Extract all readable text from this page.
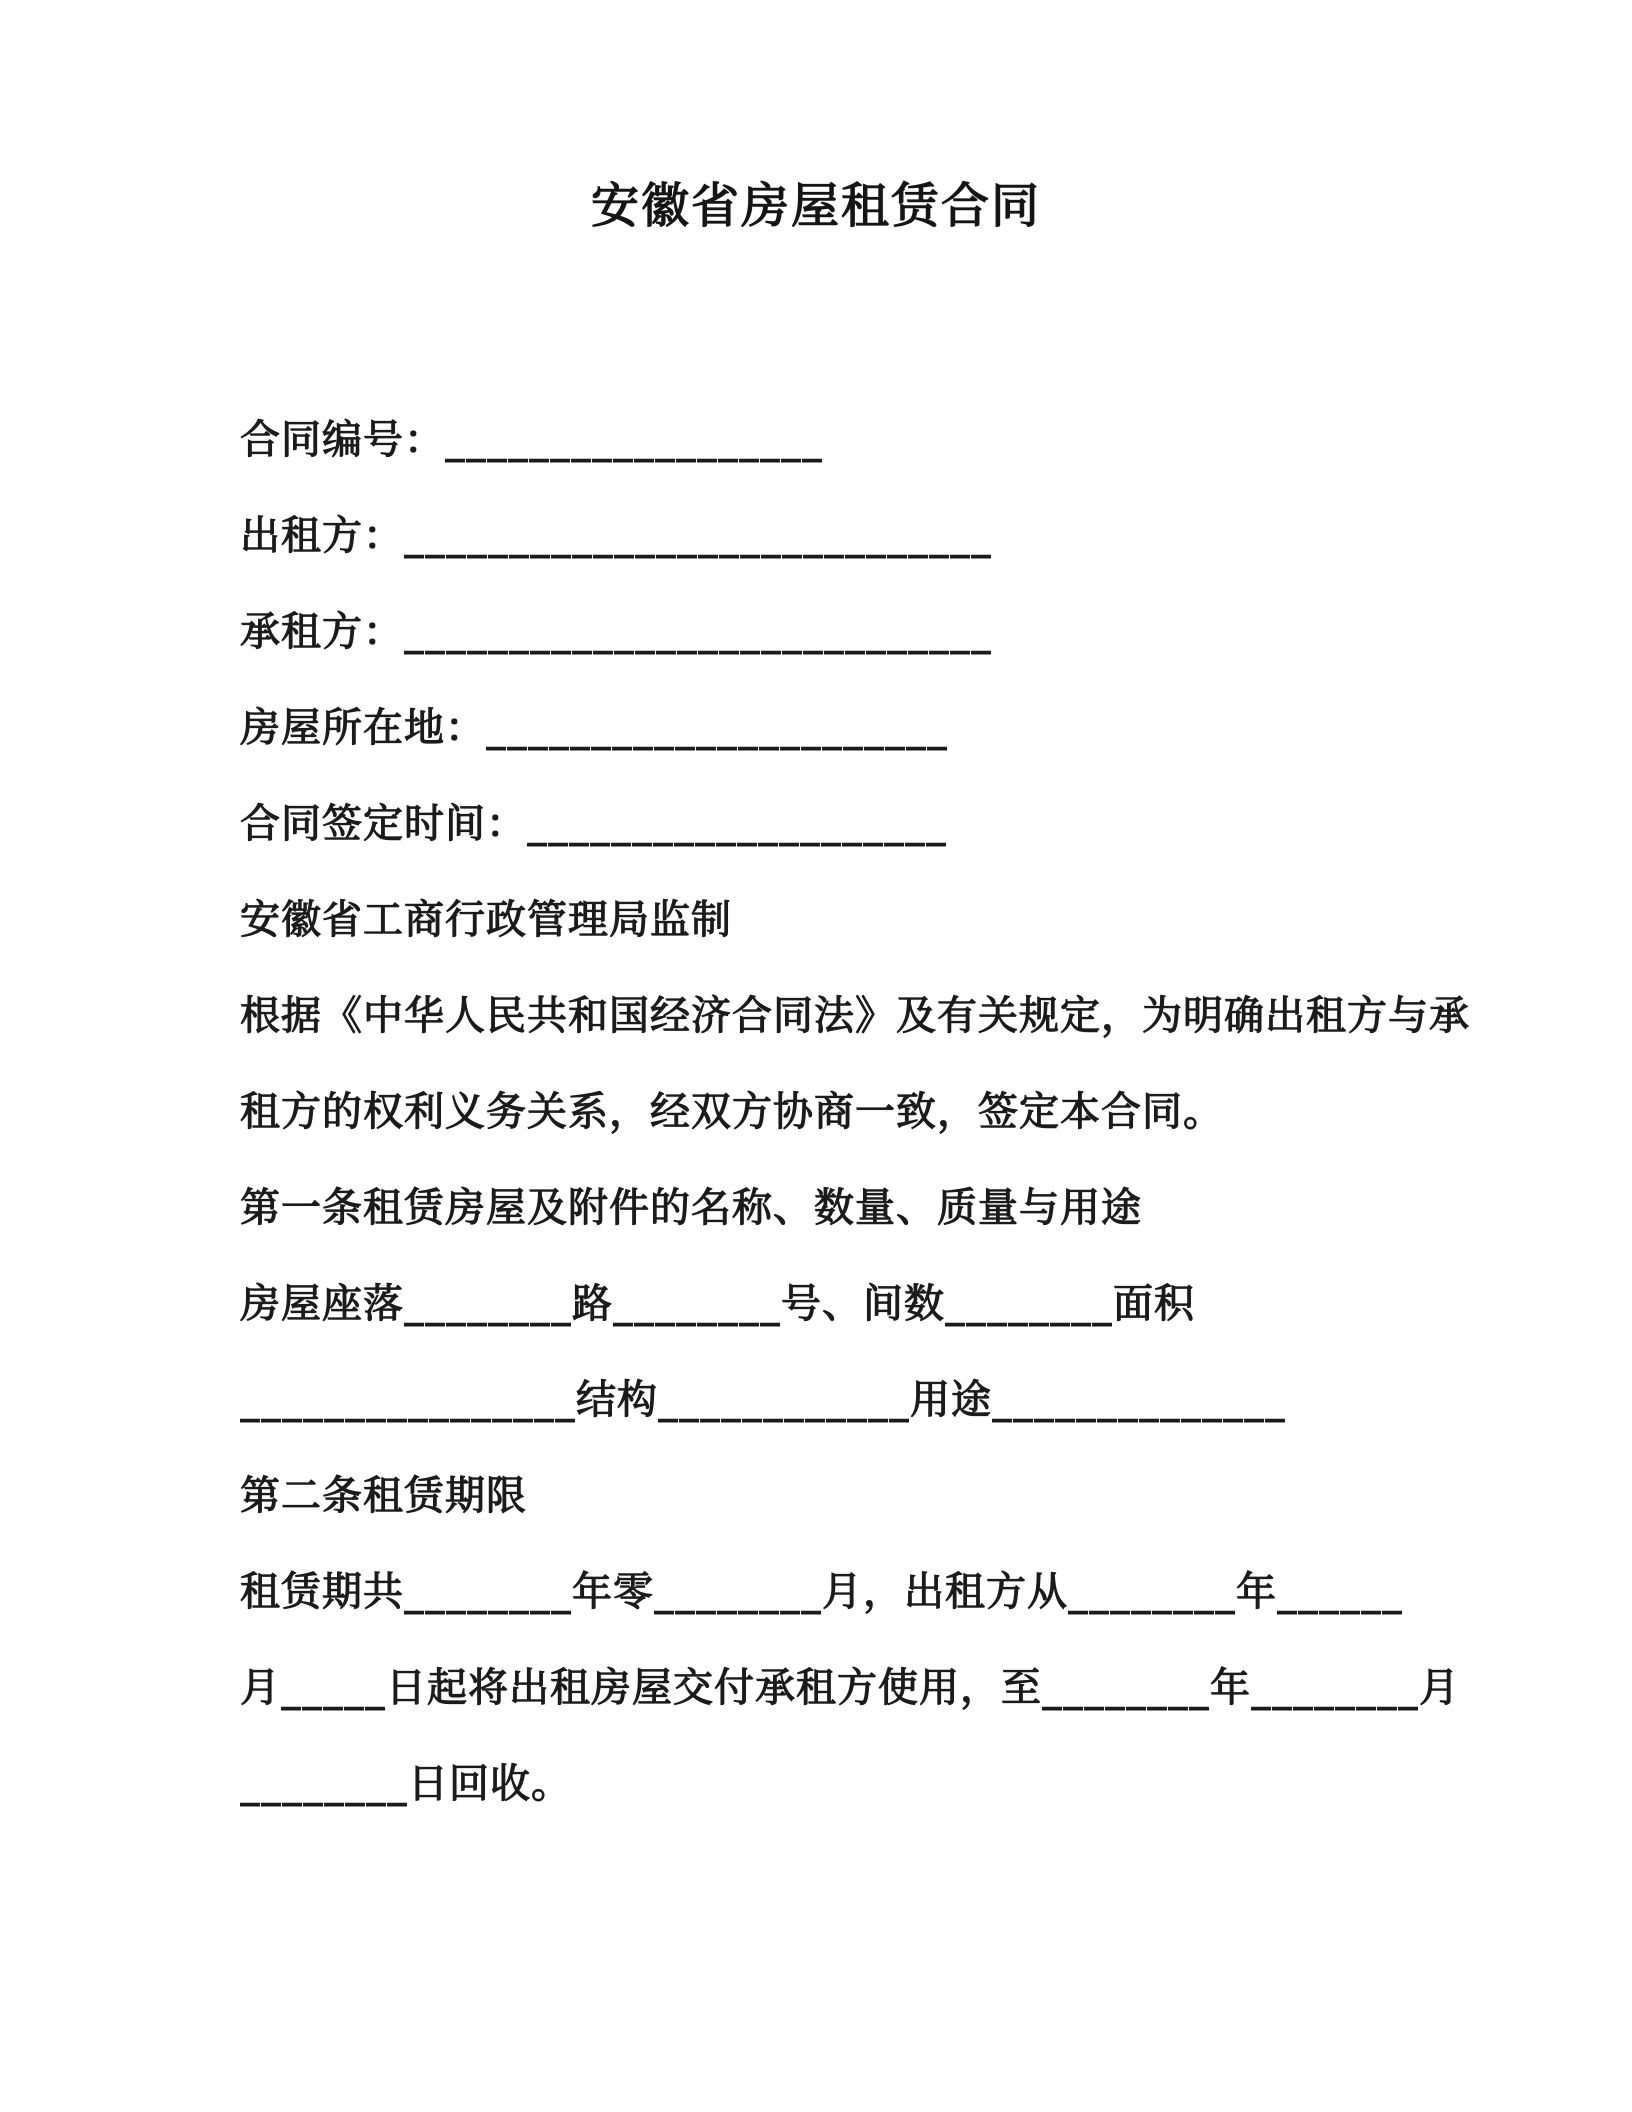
安徽省房屋租赁合同

合同编号：__________________

出租方：____________________________

承租方：____________________________

房屋所在地：______________________

合同签定时间：____________________

安徽省工商行政管理局监制

根据《中华人民共和国经济合同法》及有关规定，为明确出租方与承

租方的权利义务关系，经双方协商一致，签定本合同。

第一条租赁房屋及附件的名称、数量、质量与用途

房屋座落________路________号、间数________面积

________________结构____________用途______________

第二条租赁期限

租赁期共________年零________月，出租方从________年______

月_____日起将出租房屋交付承租方使用，至________年________月

________日回收。
